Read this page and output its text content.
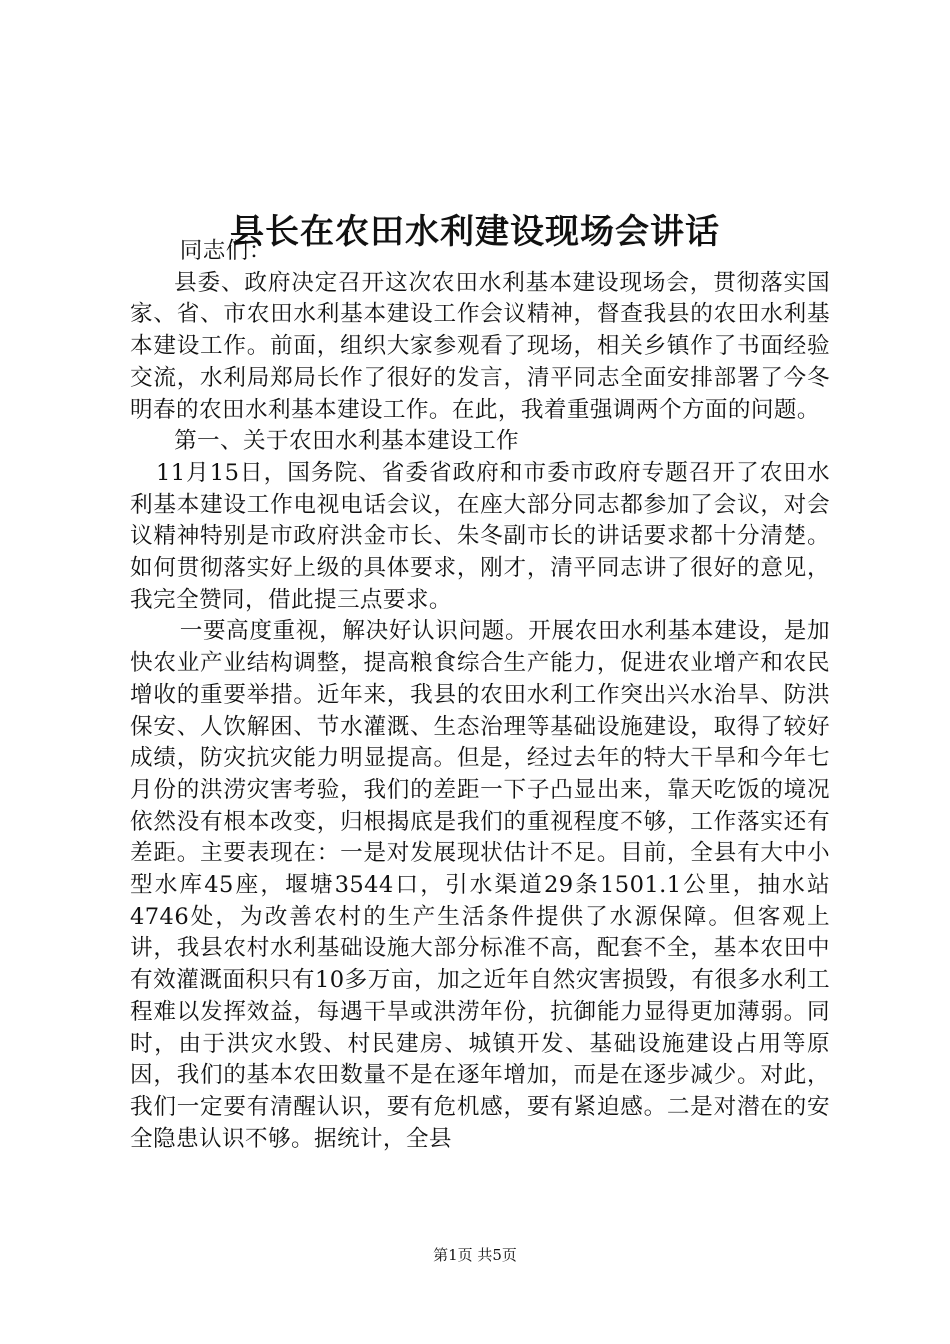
县长在农田水利建设现场会讲话

同志们：

县委、政府决定召开这次农田水利基本建设现场会，贯彻落实国家、省、市农田水利基本建设工作会议精神，督查我县的农田水利基本建设工作。前面，组织大家参观看了现场，相关乡镇作了书面经验交流，水利局郑局长作了很好的发言，清平同志全面安排部署了今冬明春的农田水利基本建设工作。在此，我着重强调两个方面的问题。

第一、关于农田水利基本建设工作

11月15日，国务院、省委省政府和市委市政府专题召开了农田水利基本建设工作电视电话会议，在座大部分同志都参加了会议，对会议精神特别是市政府洪金市长、朱冬副市长的讲话要求都十分清楚。如何贯彻落实好上级的具体要求，刚才，清平同志讲了很好的意见，我完全赞同，借此提三点要求。

一要高度重视，解决好认识问题。开展农田水利基本建设，是加快农业产业结构调整，提高粮食综合生产能力，促进农业增产和农民增收的重要举措。近年来，我县的农田水利工作突出兴水治旱、防洪保安、人饮解困、节水灌溉、生态治理等基础设施建设，取得了较好成绩，防灾抗灾能力明显提高。但是，经过去年的特大干旱和今年七月份的洪涝灾害考验，我们的差距一下子凸显出来，靠天吃饭的境况依然没有根本改变，归根揭底是我们的重视程度不够，工作落实还有差距。主要表现在：一是对发展现状估计不足。目前，全县有大中小型水库45座，堰塘3544口，引水渠道29条1501.1公里，抽水站4746处，为改善农村的生产生活条件提供了水源保障。但客观上讲，我县农村水利基础设施大部分标准不高，配套不全，基本农田中有效灌溉面积只有10多万亩，加之近年自然灾害损毁，有很多水利工程难以发挥效益，每遇干旱或洪涝年份，抗御能力显得更加薄弱。同时，由于洪灾水毁、村民建房、城镇开发、基础设施建设占用等原因，我们的基本农田数量不是在逐年增加，而是在逐步减少。对此，我们一定要有清醒认识，要有危机感，要有紧迫感。二是对潜在的安全隐患认识不够。据统计，全县

第1页 共5页
